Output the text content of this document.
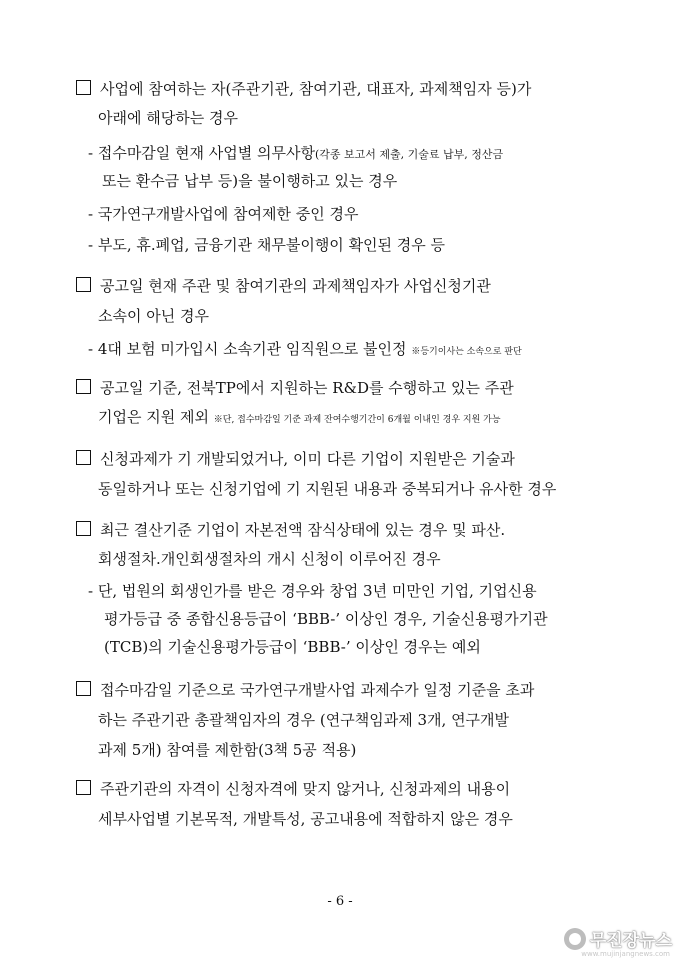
사업에 참여하는 자(주관기관, 참여기관, 대표자, 과제책임자 등)가
아래에 해당하는 경우
- 접수마감일 현재 사업별 의무사항(각종 보고서 제출, 기술료 납부, 정산금
또는 환수금 납부 등)을 불이행하고 있는 경우
- 국가연구개발사업에 참여제한 중인 경우
- 부도, 휴.폐업, 금융기관 채무불이행이 확인된 경우 등
공고일 현재 주관 및 참여기관의 과제책임자가 사업신청기관
소속이 아닌 경우
- 4대 보험 미가입시 소속기관 임직원으로 불인정 ※등기이사는 소속으로 판단
공고일 기준, 전북TP에서 지원하는 R&D를 수행하고 있는 주관
기업은 지원 제외 ※단, 접수마감일 기준 과제 잔여수행기간이 6개월 이내인 경우 지원 가능
신청과제가 기 개발되었거나, 이미 다른 기업이 지원받은 기술과
동일하거나 또는 신청기업에 기 지원된 내용과 중복되거나 유사한 경우
최근 결산기준 기업이 자본전액 잠식상태에 있는 경우 및 파산.
회생절차.개인회생절차의 개시 신청이 이루어진 경우
- 단, 법원의 회생인가를 받은 경우와 창업 3년 미만인 기업, 기업신용
평가등급 중 종합신용등급이 ‘BBB-’ 이상인 경우, 기술신용평가기관
(TCB)의 기술신용평가등급이 ‘BBB-’ 이상인 경우는 예외
접수마감일 기준으로 국가연구개발사업 과제수가 일정 기준을 초과
하는 주관기관 총괄책임자의 경우 (연구책임과제 3개, 연구개발
과제 5개) 참여를 제한함(3책 5공 적용)
주관기관의 자격이 신청자격에 맞지 않거나, 신청과제의 내용이
세부사업별 기본목적, 개발특성, 공고내용에 적합하지 않은 경우
- 6 -
무진장뉴스
www.mujinjangnews.com
